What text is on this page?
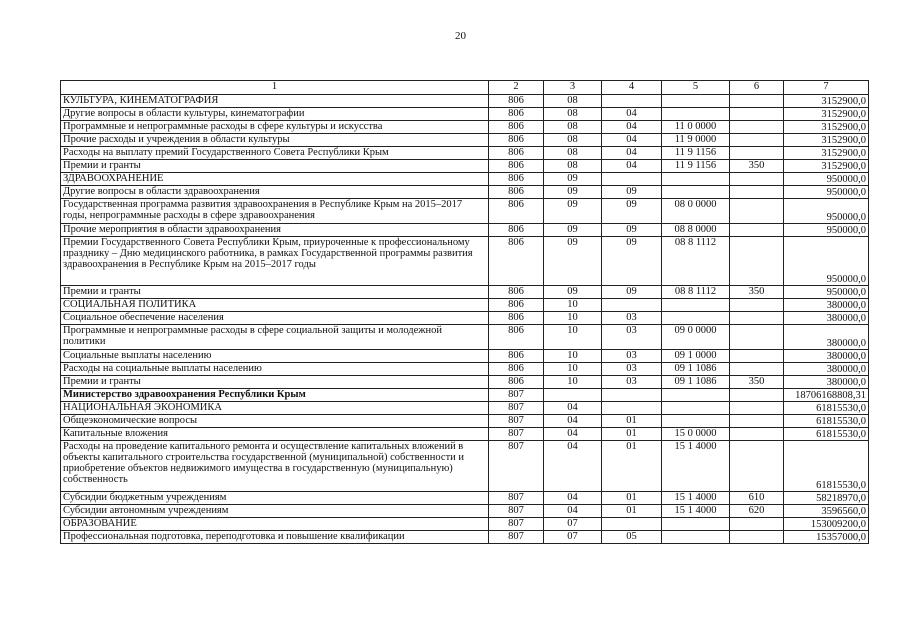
20
1	2	3	4	5	6	7
КУЛЬТУРА, КИНЕМАТОГРАФИЯ	806	08				3152900,0
Другие вопросы в области культуры, кинематографии	806	08	04			3152900,0
Программные и непрограммные расходы в сфере культуры и искусства	806	08	04	11 0 0000		3152900,0
Прочие расходы и учреждения в области культуры	806	08	04	11 9 0000		3152900,0
Расходы на выплату премий Государственного Совета Республики Крым	806	08	04	11 9 1156		3152900,0
Премии и гранты	806	08	04	11 9 1156	350	3152900,0
ЗДРАВООХРАНЕНИЕ	806	09				950000,0
Другие вопросы в области здравоохранения	806	09	09			950000,0
Государственная программа развития здравоохранения в Республике Крым на 2015–2017 годы, непрограммные расходы в сфере здравоохранения	806	09	09	08 0 0000		950000,0
Прочие мероприятия в области здравоохранения	806	09	09	08 8 0000		950000,0
Премии Государственного Совета Республики Крым, приуроченные к профессиональному празднику – Дню медицинского работника, в рамках Государственной программы развития здравоохранения в Республике Крым на 2015–2017 годы	806	09	09	08 8 1112		950000,0
Премии и гранты	806	09	09	08 8 1112	350	950000,0
СОЦИАЛЬНАЯ ПОЛИТИКА	806	10				380000,0
Социальное обеспечение населения	806	10	03			380000,0
Программные и непрограммные расходы в сфере социальной защиты и молодежной политики	806	10	03	09 0 0000		380000,0
Социальные выплаты населению	806	10	03	09 1 0000		380000,0
Расходы на социальные выплаты населению	806	10	03	09 1 1086		380000,0
Премии и гранты	806	10	03	09 1 1086	350	380000,0
Министерство здравоохранения Республики Крым	807					18706168808,31
НАЦИОНАЛЬНАЯ ЭКОНОМИКА	807	04				61815530,0
Общеэкономические вопросы	807	04	01			61815530,0
Капитальные вложения	807	04	01	15 0 0000		61815530,0
Расходы на проведение капитального ремонта и осуществление капитальных вложений в объекты капитального строительства государственной (муниципальной) собственности и приобретение объектов недвижимого имущества в государственную (муниципальную) собственность	807	04	01	15 1 4000		61815530,0
Субсидии бюджетным учреждениям	807	04	01	15 1 4000	610	58218970,0
Субсидии автономным учреждениям	807	04	01	15 1 4000	620	3596560,0
ОБРАЗОВАНИЕ	807	07				153009200,0
Профессиональная подготовка, переподготовка и повышение квалификации	807	07	05			15357000,0
